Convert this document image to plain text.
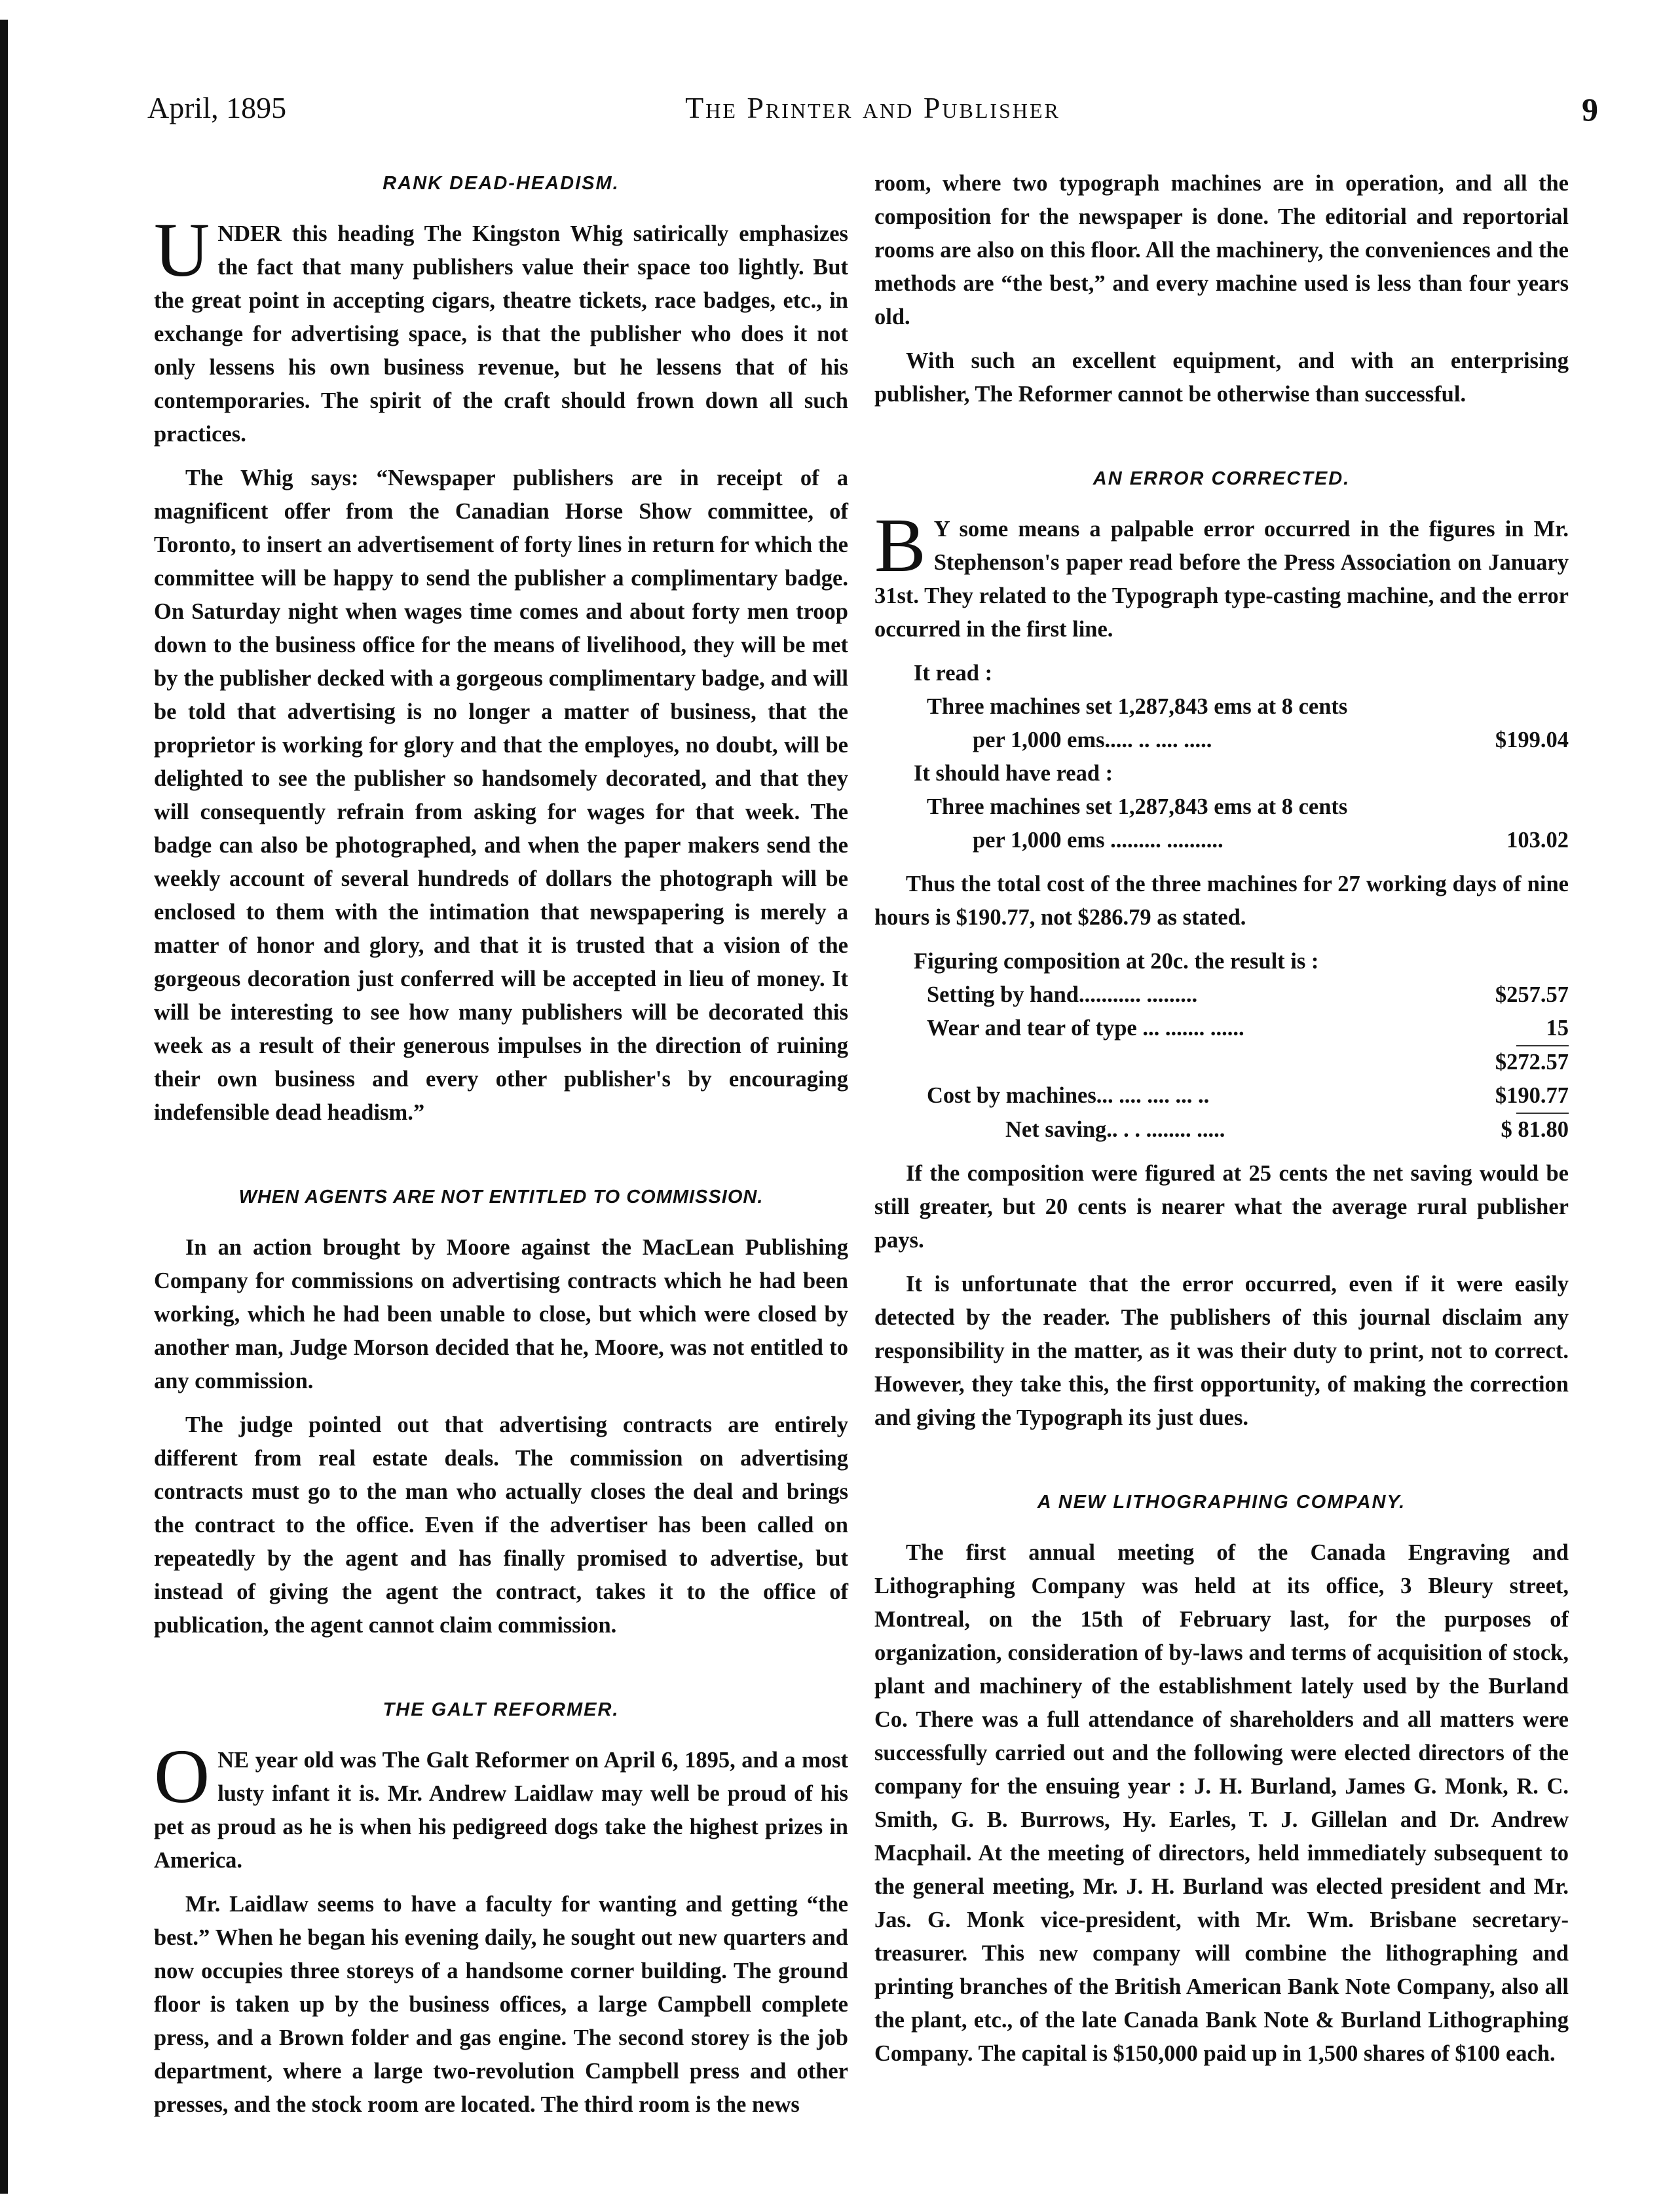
April, 1895	The Printer and Publisher	9
RANK DEAD-HEADISM.

UNDER this heading The Kingston Whig satirically emphasizes the fact that many publishers value their space too lightly. But the great point in accepting cigars, theatre tickets, race badges, etc., in exchange for advertising space, is that the publisher who does it not only lessens his own business revenue, but he lessens that of his contemporaries. The spirit of the craft should frown down all such practices.

The Whig says: “Newspaper publishers are in receipt of a magnificent offer from the Canadian Horse Show committee, of Toronto, to insert an advertisement of forty lines in return for which the committee will be happy to send the publisher a complimentary badge. On Saturday night when wages time comes and about forty men troop down to the business office for the means of livelihood, they will be met by the publisher decked with a gorgeous complimentary badge, and will be told that advertising is no longer a matter of business, that the proprietor is working for glory and that the employes, no doubt, will be delighted to see the publisher so handsomely decorated, and that they will consequently refrain from asking for wages for that week. The badge can also be photographed, and when the paper makers send the weekly account of several hundreds of dollars the photograph will be enclosed to them with the intimation that newspapering is merely a matter of honor and glory, and that it is trusted that a vision of the gorgeous decoration just conferred will be accepted in lieu of money. It will be interesting to see how many publishers will be decorated this week as a result of their generous impulses in the direction of ruining their own business and every other publisher's by encouraging indefensible dead headism.”

WHEN AGENTS ARE NOT ENTITLED TO COMMISSION.

In an action brought by Moore against the MacLean Publishing Company for commissions on advertising contracts which he had been working, which he had been unable to close, but which were closed by another man, Judge Morson decided that he, Moore, was not entitled to any commission.

The judge pointed out that advertising contracts are entirely different from real estate deals. The commission on advertising contracts must go to the man who actually closes the deal and brings the contract to the office. Even if the advertiser has been called on repeatedly by the agent and has finally promised to advertise, but instead of giving the agent the contract, takes it to the office of publication, the agent cannot claim commission.

THE GALT REFORMER.

ONE year old was The Galt Reformer on April 6, 1895, and a most lusty infant it is. Mr. Andrew Laidlaw may well be proud of his pet as proud as he is when his pedigreed dogs take the highest prizes in America.

Mr. Laidlaw seems to have a faculty for wanting and getting “the best.” When he began his evening daily, he sought out new quarters and now occupies three storeys of a handsome corner building. The ground floor is taken up by the business offices, a large Campbell complete press, and a Brown folder and gas engine. The second storey is the job department, where a large two-revolution Campbell press and other presses, and the stock room are located. The third room is the news

room, where two typograph machines are in operation, and all the composition for the newspaper is done. The editorial and reportorial rooms are also on this floor. All the machinery, the conveniences and the methods are “the best,” and every machine used is less than four years old.

With such an excellent equipment, and with an enterprising publisher, The Reformer cannot be otherwise than successful.

AN ERROR CORRECTED.

B Y some means a palpable error occurred in the figures in Mr. Stephenson's paper read before the Press Association on January 31st. They related to the Typograph type-casting machine, and the error occurred in the first line.

It read :
Three machines set 1,287,843 ems at 8 cents
per 1,000 ems..... .. .... .....	$199.04
It should have read :
Three machines set 1,287,843 ems at 8 cents
per 1,000 ems ......... ..........	103.02

Thus the total cost of the three machines for 27 working days of nine hours is $190.77, not $286.79 as stated.

Figuring composition at 20c. the result is :
Setting by hand........... .........	$257.57
Wear and tear of type ... ....... ......	15
$272.57
Cost by machines... .... .... ... ..	$190.77
Net saving.. . . ........ .....	$ 81.80

If the composition were figured at 25 cents the net saving would be still greater, but 20 cents is nearer what the average rural publisher pays.

It is unfortunate that the error occurred, even if it were easily detected by the reader. The publishers of this journal disclaim any responsibility in the matter, as it was their duty to print, not to correct. However, they take this, the first opportunity, of making the correction and giving the Typograph its just dues.

A NEW LITHOGRAPHING COMPANY.

The first annual meeting of the Canada Engraving and Lithographing Company was held at its office, 3 Bleury street, Montreal, on the 15th of February last, for the purposes of organization, consideration of by-laws and terms of acquisition of stock, plant and machinery of the establishment lately used by the Burland Co. There was a full attendance of shareholders and all matters were successfully carried out and the following were elected directors of the company for the ensuing year : J. H. Burland, James G. Monk, R. C. Smith, G. B. Burrows, Hy. Earles, T. J. Gillelan and Dr. Andrew Macphail. At the meeting of directors, held immediately subsequent to the general meeting, Mr. J. H. Burland was elected president and Mr. Jas. G. Monk vice-president, with Mr. Wm. Brisbane secretary-treasurer. This new company will combine the lithographing and printing branches of the British American Bank Note Company, also all the plant, etc., of the late Canada Bank Note & Burland Lithographing Company. The capital is $150,000 paid up in 1,500 shares of $100 each.
